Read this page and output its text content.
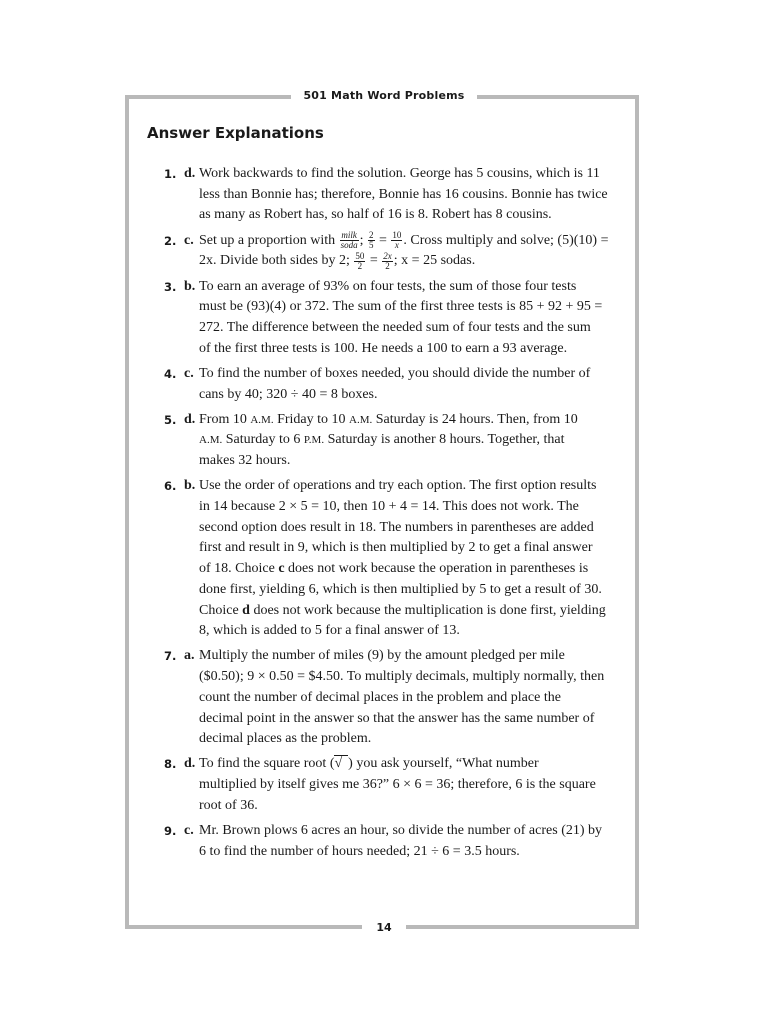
501 Math Word Problems
Answer Explanations
1. d. Work backwards to find the solution. George has 5 cousins, which is 11
less than Bonnie has; therefore, Bonnie has 16 cousins. Bonnie has twice
as many as Robert has, so half of 16 is 8. Robert has 8 cousins.
2. c. Set up a proportion with $\frac{\text{milk}}{\text{soda}}$ ; $\frac{2}{5} = \frac{10}{x}$ . Cross multiply and solve; (5)(10) =
2x. Divide both sides by 2; $\frac{50}{2} = \frac{2x}{2}$ ; x = 25 sodas.
3. b. To earn an average of 93% on four tests, the sum of those four tests
must be (93)(4) or 372. The sum of the first three tests is 85 + 92 + 95 =
272. The difference between the needed sum of four tests and the sum
of the first three tests is 100. He needs a 100 to earn a 93 average.
4. c. To find the number of boxes needed, you should divide the number of
cans by 40; 320 ÷ 40 = 8 boxes.
5. d. From 10 A.M. Friday to 10 A.M. Saturday is 24 hours. Then, from 10
A.M. Saturday to 6 P.M. Saturday is another 8 hours. Together, that
makes 32 hours.
6. b. Use the order of operations and try each option. The first option results
in 14 because 2 × 5 = 10, then 10 + 4 = 14. This does not work. The
second option does result in 18. The numbers in parentheses are added
first and result in 9, which is then multiplied by 2 to get a final answer
of 18. Choice c does not work because the operation in parentheses is
done first, yielding 6, which is then multiplied by 5 to get a result of 30.
Choice d does not work because the multiplication is done first, yielding
8, which is added to 5 for a final answer of 13.
7. a. Multiply the number of miles (9) by the amount pledged per mile
($0.50); 9 × 0.50 = $4.50. To multiply decimals, multiply normally, then
count the number of decimal places in the problem and place the
decimal point in the answer so that the answer has the same number of
decimal places as the problem.
8. d. To find the square root (√ ) you ask yourself, “What number
multiplied by itself gives me 36?” 6 × 6 = 36; therefore, 6 is the square
root of 36.
9. c. Mr. Brown plows 6 acres an hour, so divide the number of acres (21) by
6 to find the number of hours needed; 21 ÷ 6 = 3.5 hours.
14
